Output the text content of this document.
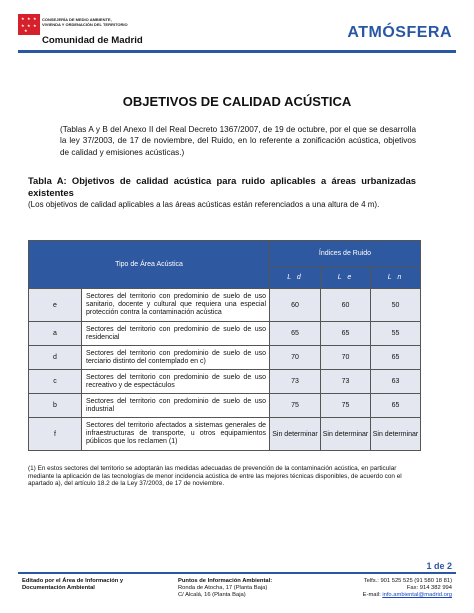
★ ★ ★
★ ★ ★
★
CONSEJERÍA DE MEDIO AMBIENTE,
VIVIENDA Y ORDENACIÓN DEL TERRITORIO
Comunidad de Madrid	ATMÓSFERA
OBJETIVOS DE CALIDAD ACÚSTICA
(Tablas A y B del Anexo II del Real Decreto 1367/2007, de 19 de octubre, por el que se desarrolla la ley 37/2003, de 17 de noviembre, del Ruido, en lo referente a zonificación acústica, objetivos de calidad y emisiones acústicas.)
Tabla A: Objetivos de calidad acústica para ruido aplicables a áreas urbanizadas existentes
(Los objetivos de calidad aplicables a las áreas acústicas están referenciados a una altura de 4 m).
Tipo de Área Acústica		Índices de Ruido		
		L d	L e	L n
e	Sectores del territorio con predominio de suelo de uso sanitario, docente y cultural que requiera una especial protección contra la contaminación acústica	60	60	50
a	Sectores del territorio con predominio de suelo de uso residencial	65	65	55
d	Sectores del territorio con predominio de suelo de uso terciario distinto del contemplado en c)	70	70	65
c	Sectores del territorio con predominio de suelo de uso recreativo y de espectáculos	73	73	63
b	Sectores del territorio con predominio de suelo de uso industrial	75	75	65
f	Sectores del territorio afectados a sistemas generales de infraestructuras de transporte, u otros equipamientos públicos que los reclamen (1)	Sin determinar	Sin determinar	Sin determinar
(1) En estos sectores del territorio se adoptarán las medidas adecuadas de prevención de la contaminación acústica, en particular mediante la aplicación de las tecnologías de menor incidencia acústica de entre las mejores técnicas disponibles, de acuerdo con el apartado a), del artículo 18.2 de la Ley 37/2003, de 17 de noviembre.
1 de 2
Editado por el Área de Información y
Documentación Ambiental
Puntos de Información Ambiental:
Ronda de Atocha, 17 (Planta Baja)
C/ Alcalá, 16 (Planta Baja)
Telfs.: 901 525 525 (91 580 18 81)
Fax: 914 382 994
E-mail: info.ambiental@madrid.org
